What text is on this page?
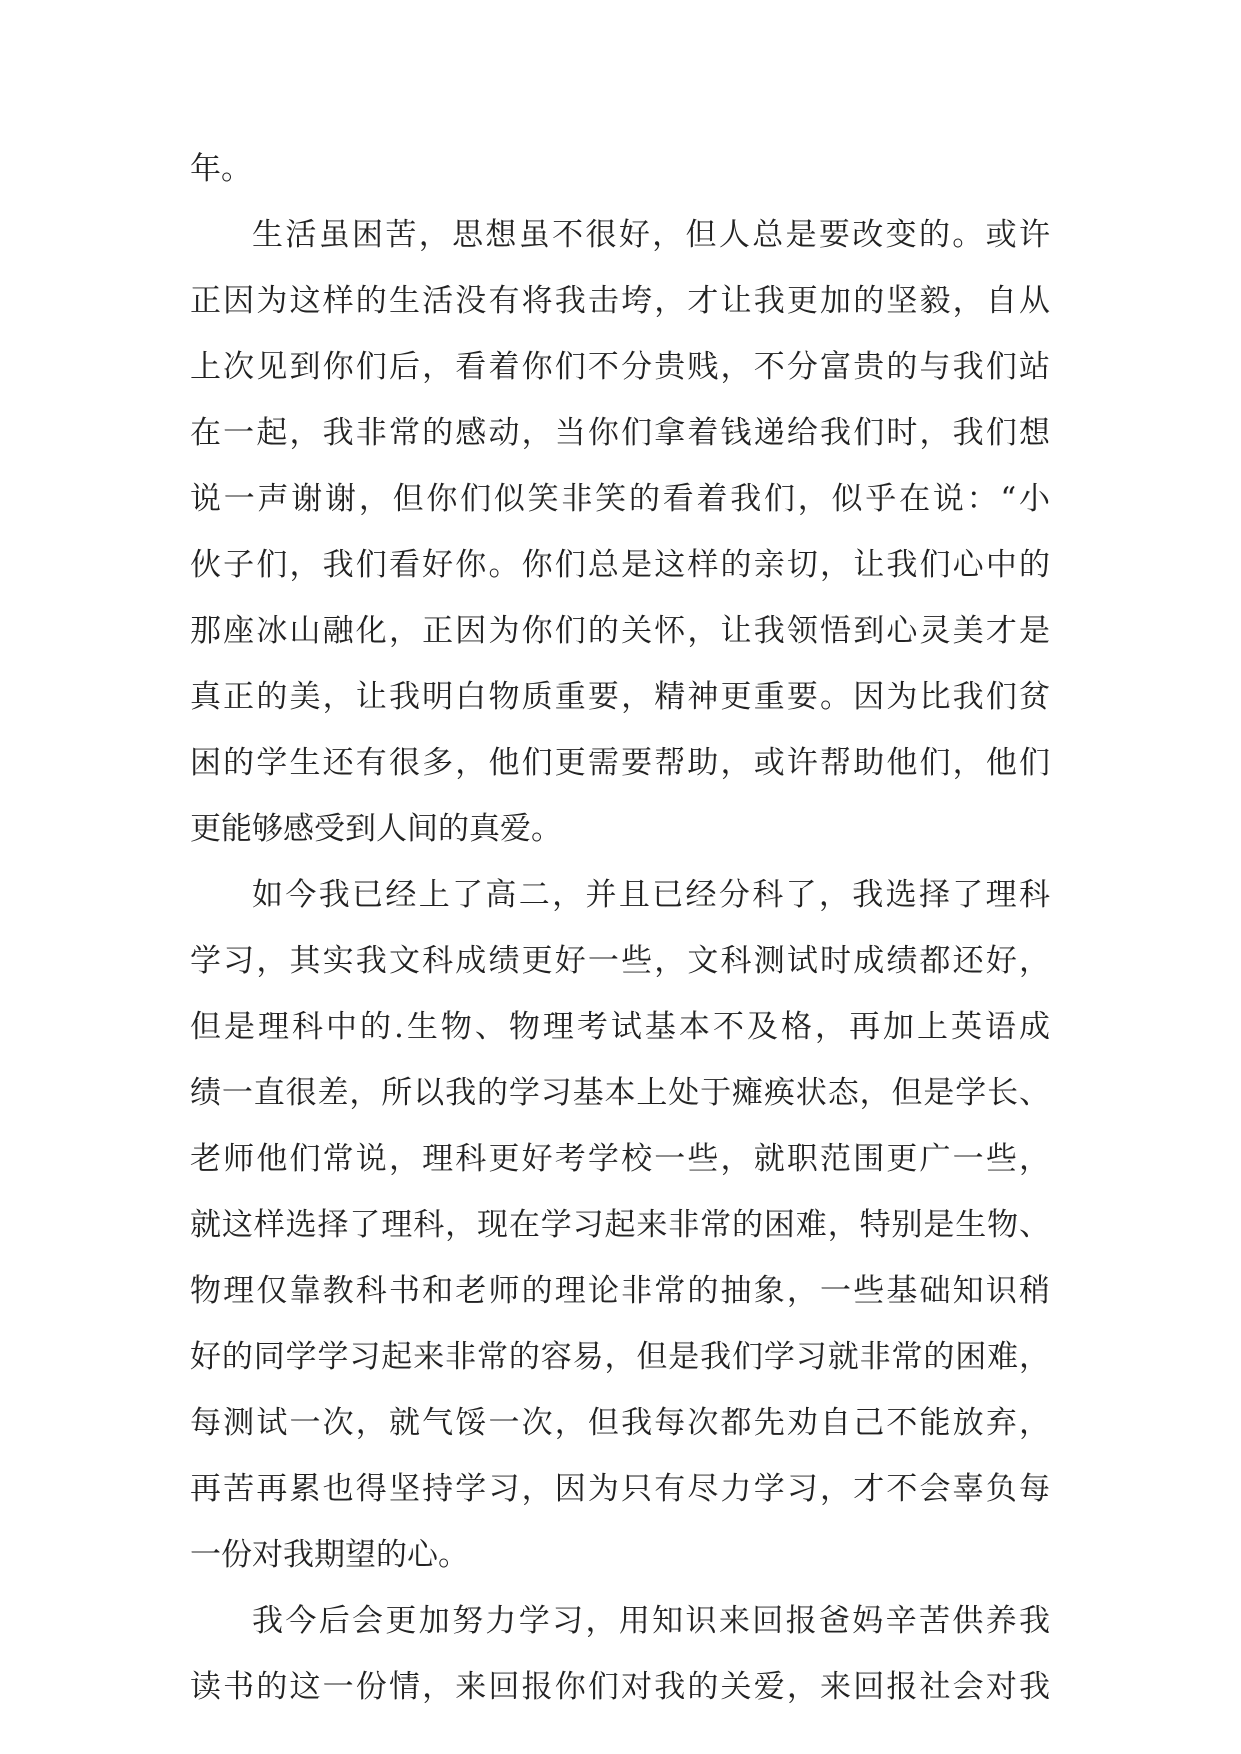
年。
生活虽困苦，思想虽不很好，但人总是要改变的。或许
正因为这样的生活没有将我击垮，才让我更加的坚毅，自从
上次见到你们后，看着你们不分贵贱，不分富贵的与我们站
在一起，我非常的感动，当你们拿着钱递给我们时，我们想
说一声谢谢，但你们似笑非笑的看着我们，似乎在说：“小
伙子们，我们看好你。你们总是这样的亲切，让我们心中的
那座冰山融化，正因为你们的关怀，让我领悟到心灵美才是
真正的美，让我明白物质重要，精神更重要。因为比我们贫
困的学生还有很多，他们更需要帮助，或许帮助他们，他们
更能够感受到人间的真爱。
如今我已经上了高二，并且已经分科了，我选择了理科
学习，其实我文科成绩更好一些，文科测试时成绩都还好，
但是理科中的.生物、物理考试基本不及格，再加上英语成
绩一直很差，所以我的学习基本上处于瘫痪状态，但是学长、
老师他们常说，理科更好考学校一些，就职范围更广一些，
就这样选择了理科，现在学习起来非常的困难，特别是生物、
物理仅靠教科书和老师的理论非常的抽象，一些基础知识稍
好的同学学习起来非常的容易，但是我们学习就非常的困难，
每测试一次，就气馁一次，但我每次都先劝自己不能放弃，
再苦再累也得坚持学习，因为只有尽力学习，才不会辜负每
一份对我期望的心。
我今后会更加努力学习，用知识来回报爸妈辛苦供养我
读书的这一份情，来回报你们对我的关爱，来回报社会对我
